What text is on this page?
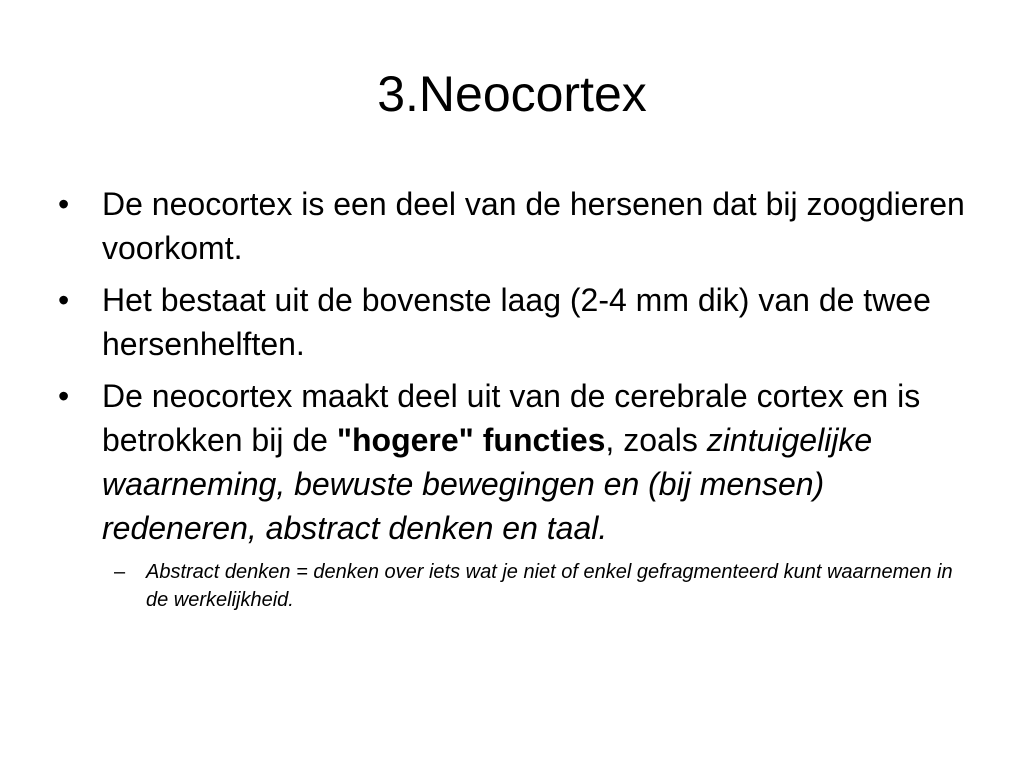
3.Neocortex
• De neocortex is een deel van de hersenen dat bij zoogdieren voorkomt.
• Het bestaat uit de bovenste laag (2-4 mm dik) van de twee hersenhelften.
• De neocortex maakt deel uit van de cerebrale cortex en is betrokken bij de "hogere" functies, zoals zintuigelijke waarneming, bewuste bewegingen en (bij mensen) redeneren, abstract denken en taal.
– Abstract denken = denken over iets wat je niet of enkel gefragmenteerd kunt waarnemen in de werkelijkheid.
